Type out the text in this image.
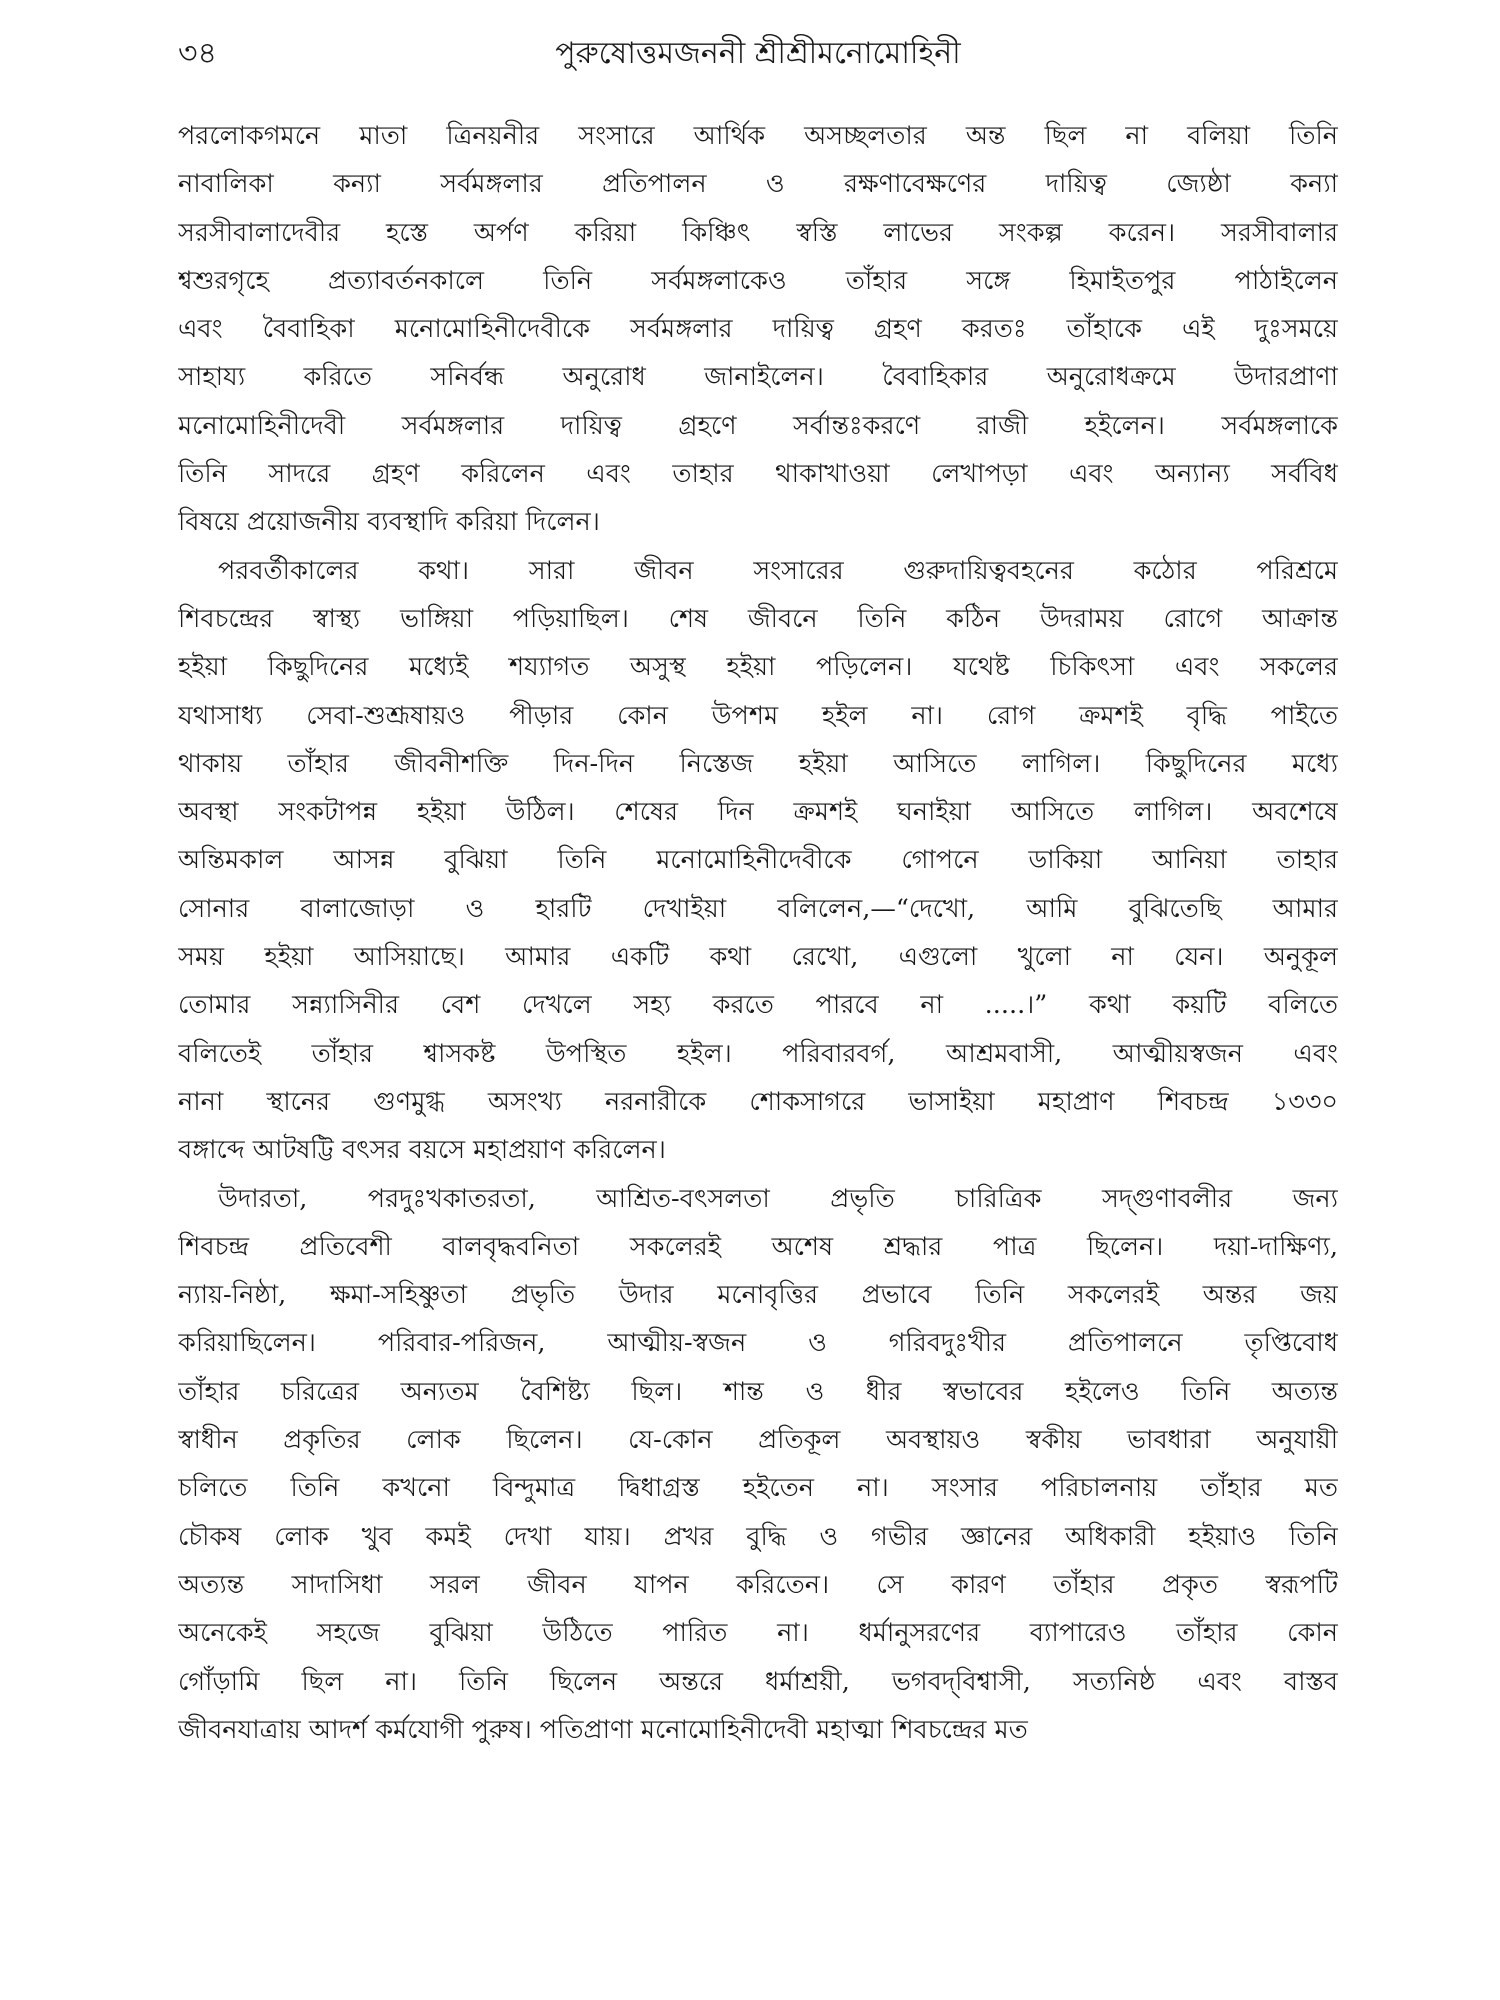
৩৪	পুরুষোত্তমজননী শ্রীশ্রীমনোমোহিনী
পরলোকগমনে মাতা ত্রিনয়নীর সংসারে আর্থিক অসচ্ছলতার অন্ত ছিল না বলিয়া তিনি
নাবালিকা কন্যা সর্বমঙ্গলার প্রতিপালন ও রক্ষণাবেক্ষণের দায়িত্ব জ্যেষ্ঠা কন্যা
সরসীবালাদেবীর হস্তে অর্পণ করিয়া কিঞ্চিৎ স্বস্তি লাভের সংকল্প করেন। সরসীবালার
শ্বশুরগৃহে প্রত্যাবর্তনকালে তিনি সর্বমঙ্গলাকেও তাঁহার সঙ্গে হিমাইতপুর পাঠাইলেন
এবং বৈবাহিকা মনোমোহিনীদেবীকে সর্বমঙ্গলার দায়িত্ব গ্রহণ করতঃ তাঁহাকে এই দুঃসময়ে
সাহায্য করিতে সনির্বন্ধ অনুরোধ জানাইলেন। বৈবাহিকার অনুরোধক্রমে উদারপ্রাণা
মনোমোহিনীদেবী সর্বমঙ্গলার দায়িত্ব গ্রহণে সর্বান্তঃকরণে রাজী হইলেন। সর্বমঙ্গলাকে
তিনি সাদরে গ্রহণ করিলেন এবং তাহার থাকাখাওয়া লেখাপড়া এবং অন্যান্য সর্ববিধ
বিষয়ে প্রয়োজনীয় ব্যবস্থাদি করিয়া দিলেন।
পরবর্তীকালের কথা। সারা জীবন সংসারের গুরুদায়িত্ববহনের কঠোর পরিশ্রমে
শিবচন্দ্রের স্বাস্থ্য ভাঙ্গিয়া পড়িয়াছিল। শেষ জীবনে তিনি কঠিন উদরাময় রোগে আক্রান্ত
হইয়া কিছুদিনের মধ্যেই শয্যাগত অসুস্থ হইয়া পড়িলেন। যথেষ্ট চিকিৎসা এবং সকলের
যথাসাধ্য সেবা-শুশ্রূষায়ও পীড়ার কোন উপশম হইল না। রোগ ক্রমশই বৃদ্ধি পাইতে
থাকায় তাঁহার জীবনীশক্তি দিন-দিন নিস্তেজ হইয়া আসিতে লাগিল। কিছুদিনের মধ্যে
অবস্থা সংকটাপন্ন হইয়া উঠিল। শেষের দিন ক্রমশই ঘনাইয়া আসিতে লাগিল। অবশেষে
অন্তিমকাল আসন্ন বুঝিয়া তিনি মনোমোহিনীদেবীকে গোপনে ডাকিয়া আনিয়া তাহার
সোনার বালাজোড়া ও হারটি দেখাইয়া বলিলেন,—“দেখো, আমি বুঝিতেছি আমার
সময় হইয়া আসিয়াছে। আমার একটি কথা রেখো, এগুলো খুলো না যেন। অনুকূল
তোমার সন্ন্যাসিনীর বেশ দেখলে সহ্য করতে পারবে না .....।” কথা কয়টি বলিতে
বলিতেই তাঁহার শ্বাসকষ্ট উপস্থিত হইল। পরিবারবর্গ, আশ্রমবাসী, আত্মীয়স্বজন এবং
নানা স্থানের গুণমুগ্ধ অসংখ্য নরনারীকে শোকসাগরে ভাসাইয়া মহাপ্রাণ শিবচন্দ্র ১৩৩০
বঙ্গাব্দে আটষট্টি বৎসর বয়সে মহাপ্রয়াণ করিলেন।
উদারতা, পরদুঃখকাতরতা, আশ্রিত-বৎসলতা প্রভৃতি চারিত্রিক সদ্গুণাবলীর জন্য
শিবচন্দ্র প্রতিবেশী বালবৃদ্ধবনিতা সকলেরই অশেষ শ্রদ্ধার পাত্র ছিলেন। দয়া-দাক্ষিণ্য,
ন্যায়-নিষ্ঠা, ক্ষমা-সহিষ্ণুতা প্রভৃতি উদার মনোবৃত্তির প্রভাবে তিনি সকলেরই অন্তর জয়
করিয়াছিলেন। পরিবার-পরিজন, আত্মীয়-স্বজন ও গরিবদুঃখীর প্রতিপালনে তৃপ্তিবোধ
তাঁহার চরিত্রের অন্যতম বৈশিষ্ট্য ছিল। শান্ত ও ধীর স্বভাবের হইলেও তিনি অত্যন্ত
স্বাধীন প্রকৃতির লোক ছিলেন। যে-কোন প্রতিকূল অবস্থায়ও স্বকীয় ভাবধারা অনুযায়ী
চলিতে তিনি কখনো বিন্দুমাত্র দ্বিধাগ্রস্ত হইতেন না। সংসার পরিচালনায় তাঁহার মত
চৌকষ লোক খুব কমই দেখা যায়। প্রখর বুদ্ধি ও গভীর জ্ঞানের অধিকারী হইয়াও তিনি
অত্যন্ত সাদাসিধা সরল জীবন যাপন করিতেন। সে কারণ তাঁহার প্রকৃত স্বরূপটি
অনেকেই সহজে বুঝিয়া উঠিতে পারিত না। ধর্মানুসরণের ব্যাপারেও তাঁহার কোন
গোঁড়ামি ছিল না। তিনি ছিলেন অন্তরে ধর্মাশ্রয়ী, ভগবদ্‌বিশ্বাসী, সত্যনিষ্ঠ এবং বাস্তব
জীবনযাত্রায় আদর্শ কর্মযোগী পুরুষ। পতিপ্রাণা মনোমোহিনীদেবী মহাত্মা শিবচন্দ্রের মত
